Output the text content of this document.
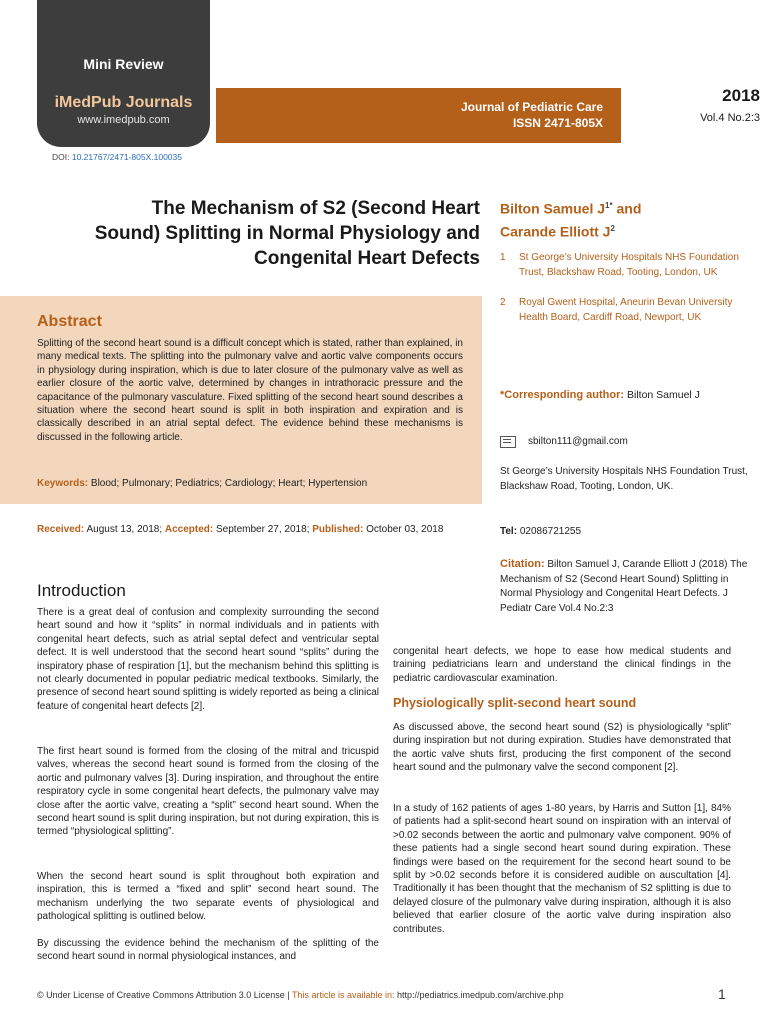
Mini Review
iMedPub Journals
www.imedpub.com
Journal of Pediatric Care
ISSN 2471-805X
2018
Vol.4 No.2:3
DOI: 10.21767/2471-805X.100035
The Mechanism of S2 (Second Heart
Sound) Splitting in Normal Physiology and
Congenital Heart Defects
Bilton Samuel $J^{1*}$ and
Carande Elliott $J^2$
1 St George’s University Hospitals NHS Foundation Trust, Blackshaw Road, Tooting, London, UK
2 Royal Gwent Hospital, Aneurin Bevan University Health Board, Cardiff Road, Newport, UK
Abstract
Splitting of the second heart sound is a difficult concept which is stated, rather than explained, in many medical texts. The splitting into the pulmonary valve and aortic valve components occurs in physiology during inspiration, which is due to later closure of the pulmonary valve as well as earlier closure of the aortic valve, determined by changes in intrathoracic pressure and the capacitance of the pulmonary vasculature. Fixed splitting of the second heart sound describes a situation where the second heart sound is split in both inspiration and expiration and is classically described in an atrial septal defect. The evidence behind these mechanisms is discussed in the following article.
Keywords: Blood; Pulmonary; Pediatrics; Cardiology; Heart; Hypertension
Received: August 13, 2018; Accepted: September 27, 2018; Published: October 03, 2018
*Corresponding author: Bilton Samuel J
sbilton111@gmail.com
St George’s University Hospitals NHS Foundation Trust, Blackshaw Road, Tooting, London, UK.
Tel: 02086721255
Citation: Bilton Samuel J, Carande Elliott J (2018) The Mechanism of S2 (Second Heart Sound) Splitting in Normal Physiology and Congenital Heart Defects. J Pediatr Care Vol.4 No.2:3
Introduction
There is a great deal of confusion and complexity surrounding the second heart sound and how it “splits” in normal individuals and in patients with congenital heart defects, such as atrial septal defect and ventricular septal defect. It is well understood that the second heart sound “splits” during the inspiratory phase of respiration [1], but the mechanism behind this splitting is not clearly documented in popular pediatric medical textbooks. Similarly, the presence of second heart sound splitting is widely reported as being a clinical feature of congenital heart defects [2].
The first heart sound is formed from the closing of the mitral and tricuspid valves, whereas the second heart sound is formed from the closing of the aortic and pulmonary valves [3]. During inspiration, and throughout the entire respiratory cycle in some congenital heart defects, the pulmonary valve may close after the aortic valve, creating a “split” second heart sound. When the second heart sound is split during inspiration, but not during expiration, this is termed “physiological splitting”.
When the second heart sound is split throughout both expiration and inspiration, this is termed a “fixed and split” second heart sound. The mechanism underlying the two separate events of physiological and pathological splitting is outlined below.
By discussing the evidence behind the mechanism of the splitting of the second heart sound in normal physiological instances, and
congenital heart defects, we hope to ease how medical students and training pediatricians learn and understand the clinical findings in the pediatric cardiovascular examination.
Physiologically split-second heart sound
As discussed above, the second heart sound (S2) is physiologically “split” during inspiration but not during expiration. Studies have demonstrated that the aortic valve shuts first, producing the first component of the second heart sound and the pulmonary valve the second component [2].
In a study of 162 patients of ages 1-80 years, by Harris and Sutton [1], 84% of patients had a split-second heart sound on inspiration with an interval of >0.02 seconds between the aortic and pulmonary valve component. 90% of these patients had a single second heart sound during expiration. These findings were based on the requirement for the second heart sound to be split by >0.02 seconds before it is considered audible on auscultation [4]. Traditionally it has been thought that the mechanism of S2 splitting is due to delayed closure of the pulmonary valve during inspiration, although it is also believed that earlier closure of the aortic valve during inspiration also contributes.
© Under License of Creative Commons Attribution 3.0 License | This article is available in: http://pediatrics.imedpub.com/archive.php	1
